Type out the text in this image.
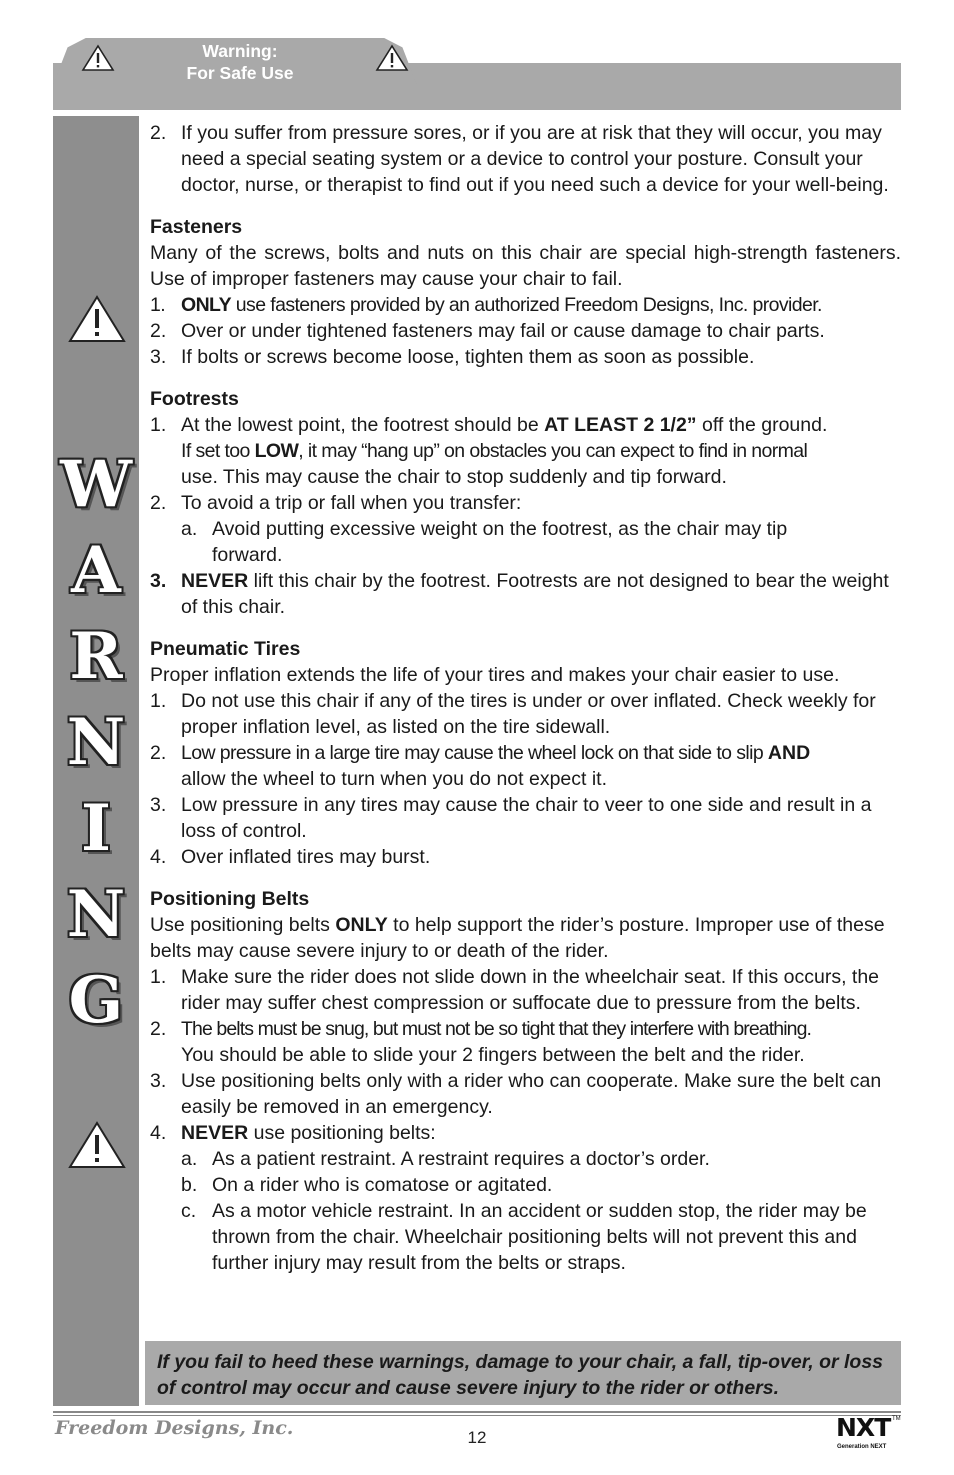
Warning:
For Safe Use
W
A
R
N
I
N
G
2. If you suffer from pressure sores, or if you are at risk that they will occur, you may need a special seating system or a device to control your posture. Consult your doctor, nurse, or therapist to find out if you need such a device for your well-being.
Fasteners

Many of the screws, bolts and nuts on this chair are special high-strength fasteners. Use of improper fasteners may cause your chair to fail.

1. ONLY use fasteners provided by an authorized Freedom Designs, Inc. provider.
2. Over or under tightened fasteners may fail or cause damage to chair parts.
3. If bolts or screws become loose, tighten them as soon as possible.
Footrests
1. At the lowest point, the footrest should be AT LEAST 2 1/2” off the ground.
If set too LOW, it may “hang up” on obstacles you can expect to find in normal
use. This may cause the chair to stop suddenly and tip forward.
2. To avoid a trip or fall when you transfer:
a. Avoid putting excessive weight on the footrest, as the chair may tip forward.
3. NEVER lift this chair by the footrest. Footrests are not designed to bear the weight of this chair.
Pneumatic Tires

Proper inflation extends the life of your tires and makes your chair easier to use.

1. Do not use this chair if any of the tires is under or over inflated. Check weekly for proper inflation level, as listed on the tire sidewall.
2. Low pressure in a large tire may cause the wheel lock on that side to slip AND
allow the wheel to turn when you do not expect it.
3. Low pressure in any tires may cause the chair to veer to one side and result in a loss of control.
4. Over inflated tires may burst.
Positioning Belts

Use positioning belts ONLY to help support the rider’s posture. Improper use of these belts may cause severe injury to or death of the rider.

1. Make sure the rider does not slide down in the wheelchair seat. If this occurs, the rider may suffer chest compression or suffocate due to pressure from the belts.
2. The belts must be snug, but must not be so tight that they interfere with breathing.
You should be able to slide your 2 fingers between the belt and the rider.
3. Use positioning belts only with a rider who can cooperate. Make sure the belt can easily be removed in an emergency.
4. NEVER use positioning belts:
a. As a patient restraint. A restraint requires a doctor’s order.
b. On a rider who is comatose or agitated.
c. As a motor vehicle restraint. In an accident or sudden stop, the rider may be thrown from the chair. Wheelchair positioning belts will not prevent this and further injury may result from the belts or straps.
If you fail to heed these warnings, damage to your chair, a fall, tip-over, or loss of control may occur and cause severe injury to the rider or others.
Freedom Designs, Inc.	12	NXT TM
Generation NEXT
